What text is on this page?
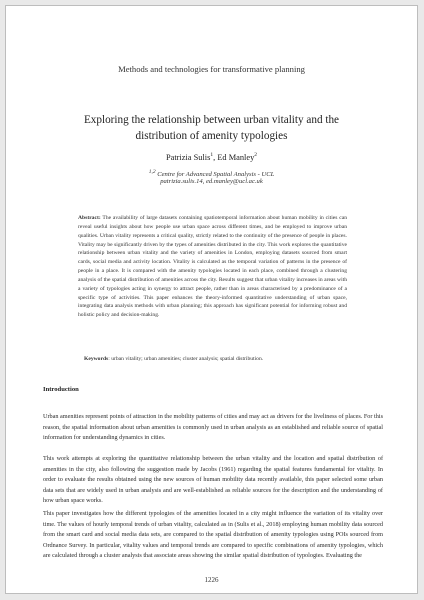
Methods and technologies for transformative planning
Exploring the relationship between urban vitality and the distribution of amenity typologies
Patrizia Sulis$^1$, Ed Manley$^2$
$^{1,2}$ Centre for Advanced Spatial Analysis - UCL
patrizia.sulis.14, ed.manley@ucl.ac.uk
Abstract: The availability of large datasets containing spatiotemporal information about human mobility in cities can reveal useful insights about how people use urban space across different times, and be employed to improve urban qualities. Urban vitality represents a critical quality, strictly related to the continuity of the presence of people in places. Vitality may be significantly driven by the types of amenities distributed in the city. This work explores the quantitative relationship between urban vitality and the variety of amenities in London, employing datasets sourced from smart cards, social media and activity location. Vitality is calculated as the temporal variation of patterns in the presence of people in a place. It is compared with the amenity typologies located in each place, combined through a clustering analysis of the spatial distribution of amenities across the city. Results suggest that urban vitality increases in areas with a variety of typologies acting in synergy to attract people, rather than in areas characterised by a predominance of a specific type of activities. This paper enhances the theory-informed quantitative understanding of urban space, integrating data analysis methods with urban planning; this approach has significant potential for informing robust and holistic policy and decision-making.
Keywords: urban vitality; urban amenities; cluster analysis; spatial distribution.
Introduction
Urban amenities represent points of attraction in the mobility patterns of cities and may act as drivers for the liveliness of places. For this reason, the spatial information about urban amenities is commonly used in urban analysis as an established and reliable source of spatial information for understanding dynamics in cities.
This work attempts at exploring the quantitative relationship between the urban vitality and the location and spatial distribution of amenities in the city, also following the suggestion made by Jacobs (1961) regarding the spatial features fundamental for vitality. In order to evaluate the results obtained using the new sources of human mobility data recently available, this paper selected some urban data sets that are widely used in urban analysis and are well-established as reliable sources for the description and the understanding of how urban space works.
This paper investigates how the different typologies of the amenities located in a city might influence the variation of its vitality over time. The values of hourly temporal trends of urban vitality, calculated as in (Sulis et al., 2018) employing human mobility data sourced from the smart card and social media data sets, are compared to the spatial distribution of amenity typologies using POIs sourced from Ordnance Survey. In particular, vitality values and temporal trends are compared to specific combinations of amenity typologies, which are calculated through a cluster analysis that associate areas showing the similar spatial distribution of typologies. Evaluating the
1226
